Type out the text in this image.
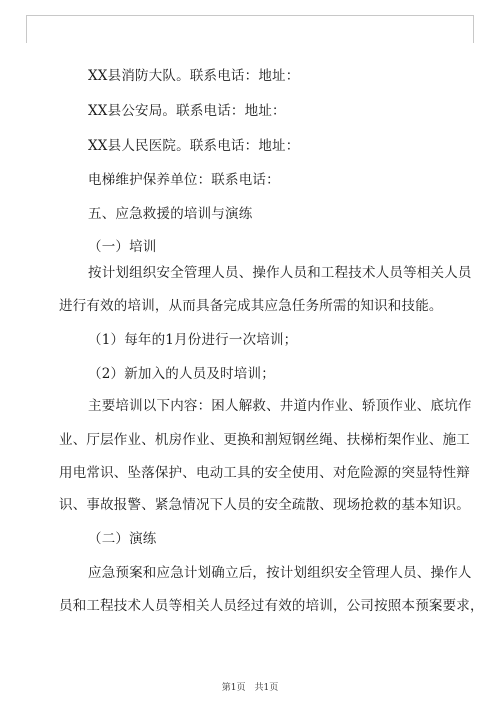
XX县消防大队。联系电话：地址：
XX县公安局。联系电话：地址：
XX县人民医院。联系电话：地址：
电梯维护保养单位：联系电话：
五、应急救援的培训与演练
（一）培训
按计划组织安全管理人员、操作人员和工程技术人员等相关人员
进行有效的培训，从而具备完成其应急任务所需的知识和技能。
（1）每年的1月份进行一次培训；
（2）新加入的人员及时培训；
主要培训以下内容：困人解救、井道内作业、轿顶作业、底坑作
业、厅层作业、机房作业、更换和割短钢丝绳、扶梯桁架作业、施工
用电常识、坠落保护、电动工具的安全使用、对危险源的突显特性辩
识、事故报警、紧急情况下人员的安全疏散、现场抢救的基本知识。
（二）演练
应急预案和应急计划确立后，按计划组织安全管理人员、操作人
员和工程技术人员等相关人员经过有效的培训，公司按照本预案要求，
第1页　共1页
